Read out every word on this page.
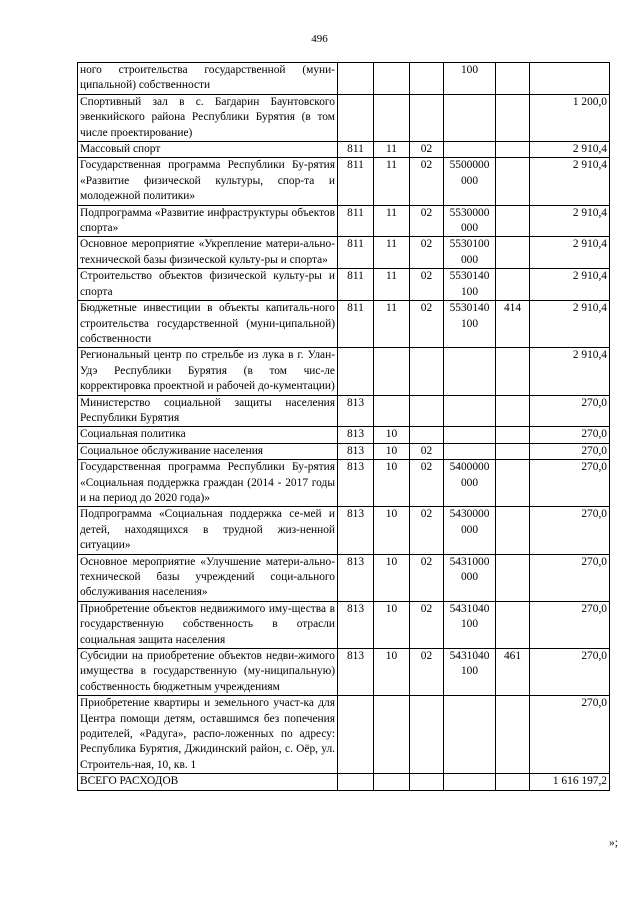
496
ного строительства государственной (муни-ципальной) собственности				100		
Спортивный зал в с. Багдарин Баунтовского эвенкийского района Республики Бурятия (в том числе проектирование)						1 200,0
Массовый спорт	811	11	02			2 910,4
Государственная программа Республики Бу-рятия «Развитие физической культуры, спор-та и молодежной политики»	811	11	02	5500000 000		2 910,4
Подпрограмма «Развитие инфраструктуры объектов спорта»	811	11	02	5530000 000		2 910,4
Основное мероприятие «Укрепление матери-ально-технической базы физической культу-ры и спорта»	811	11	02	5530100 000		2 910,4
Строительство объектов физической культу-ры и спорта	811	11	02	5530140 100		2 910,4
Бюджетные инвестиции в объекты капиталь-ного строительства государственной (муни-ципальной) собственности	811	11	02	5530140 100	414	2 910,4
Региональный центр по стрельбе из лука в г. Улан-Удэ Республики Бурятия (в том чис-ле корректировка проектной и рабочей до-кументации)						2 910,4
Министерство социальной защиты населения Республики Бурятия	813					270,0
Социальная политика	813	10				270,0
Социальное обслуживание населения	813	10	02			270,0
Государственная программа Республики Бу-рятия «Социальная поддержка граждан (2014 - 2017 годы и на период до 2020 года)»	813	10	02	5400000 000		270,0
Подпрограмма «Социальная поддержка се-мей и детей, находящихся в трудной жиз-ненной ситуации»	813	10	02	5430000 000		270,0
Основное мероприятие «Улучшение матери-ально-технической базы учреждений соци-ального обслуживания населения»	813	10	02	5431000 000		270,0
Приобретение объектов недвижимого иму-щества в государственную собственность в отрасли социальная защита населения	813	10	02	5431040 100		270,0
Субсидии на приобретение объектов недви-жимого имущества в государственную (му-ниципальную) собственность бюджетным учреждениям	813	10	02	5431040 100	461	270,0
Приобретение квартиры и земельного участ-ка для Центра помощи детям, оставшимся без попечения родителей, «Радуга», распо-ложенных по адресу: Республика Бурятия, Джидинский район, с. Оёр, ул. Строитель-ная, 10, кв. 1						270,0
ВСЕГО РАСХОДОВ						1 616 197,2
»;
